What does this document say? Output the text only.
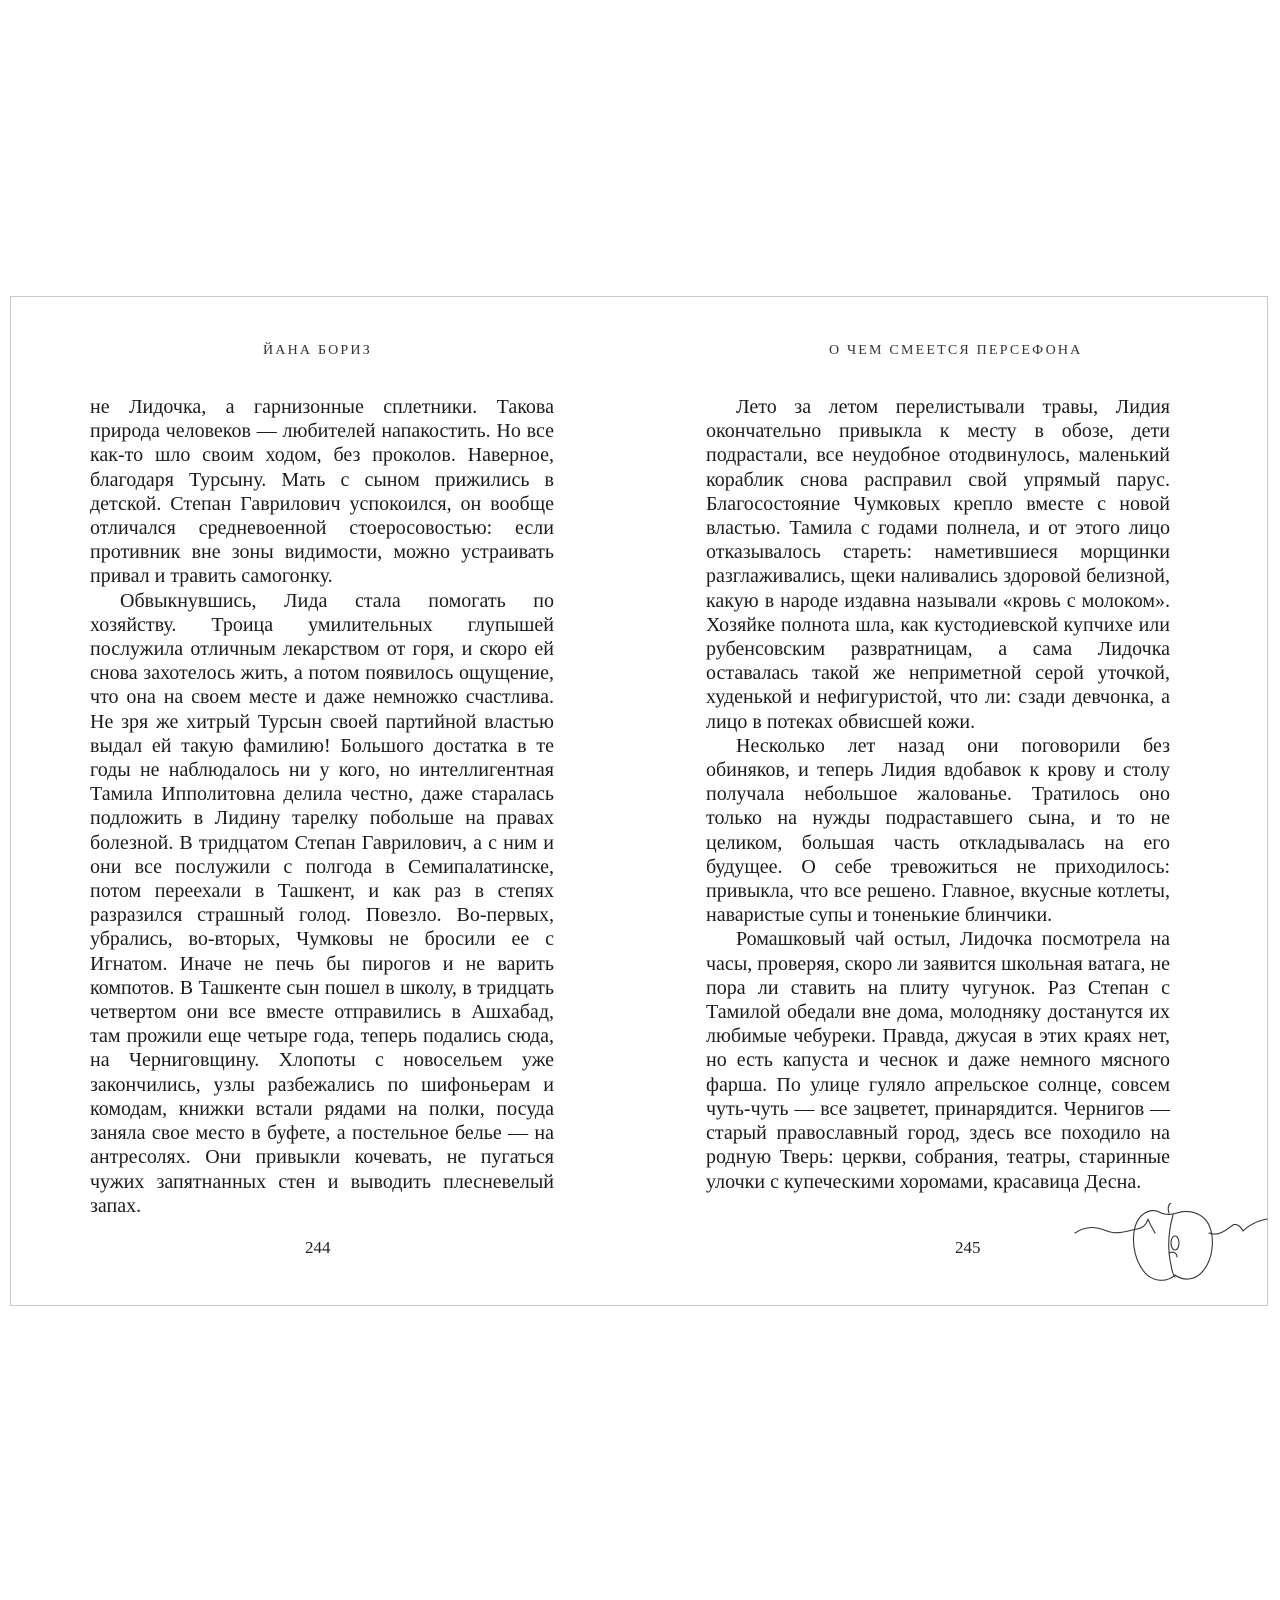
ЙАНА БОРИЗ	О ЧЕМ СМЕЕТСЯ ПЕРСЕФОНА

не Лидочка, а гарнизонные сплетники. Такова природа человеков — любителей напакостить. Но все как-то шло своим ходом, без проколов. Наверное, благодаря Турсыну. Мать с сыном прижились в детской. Степан Гаврилович успокоился, он вообще отличался средневоенной стоеросовостью: если противник вне зоны видимости, можно устраивать привал и травить самогонку.

Обвыкнувшись, Лида стала помогать по хозяйству. Троица умилительных глупышей послужила отличным лекарством от горя, и скоро ей снова захотелось жить, а потом появилось ощущение, что она на своем месте и даже немножко счастлива. Не зря же хитрый Турсын своей партийной властью выдал ей такую фамилию! Большого достатка в те годы не наблюдалось ни у кого, но интеллигентная Тамила Ипполитовна делила честно, даже старалась подложить в Лидину тарелку побольше на правах болезной. В тридцатом Степан Гаврилович, а с ним и они все послужили с полгода в Семипалатинске, потом переехали в Ташкент, и как раз в степях разразился страшный голод. Повезло. Во-первых, убрались, во-вторых, Чумковы не бросили ее с Игнатом. Иначе не печь бы пирогов и не варить компотов. В Ташкенте сын пошел в школу, в тридцать четвертом они все вместе отправились в Ашхабад, там прожили еще четыре года, теперь подались сюда, на Черниговщину. Хлопоты с новосельем уже закончились, узлы разбежались по шифоньерам и комодам, книжки встали рядами на полки, посуда заняла свое место в буфете, а постельное белье — на антресолях. Они привыкли кочевать, не пугаться чужих запятнанных стен и выводить плесневелый запах.

Лето за летом перелистывали травы, Лидия окончательно привыкла к месту в обозе, дети подрастали, все неудобное отодвинулось, маленький кораблик снова расправил свой упрямый парус. Благосостояние Чумковых крепло вместе с новой властью. Тамила с годами полнела, и от этого лицо отказывалось стареть: наметившиеся морщинки разглаживались, щеки наливались здоровой белизной, какую в народе издавна называли «кровь с молоком». Хозяйке полнота шла, как кустодиевской купчихе или рубенсовским развратницам, а сама Лидочка оставалась такой же неприметной серой уточкой, худенькой и нефигуристой, что ли: сзади девчонка, а лицо в потеках обвисшей кожи.

Несколько лет назад они поговорили без обиняков, и теперь Лидия вдобавок к крову и столу получала небольшое жалованье. Тратилось оно только на нужды подраставшего сына, и то не целиком, большая часть откладывалась на его будущее. О себе тревожиться не приходилось: привыкла, что все решено. Главное, вкусные котлеты, наваристые супы и тоненькие блинчики.

Ромашковый чай остыл, Лидочка посмотрела на часы, проверяя, скоро ли заявится школьная ватага, не пора ли ставить на плиту чугунок. Раз Степан с Тамилой обедали вне дома, молодняку достанутся их любимые чебуреки. Правда, джусая в этих краях нет, но есть капуста и чеснок и даже немного мясного фарша. По улице гуляло апрельское солнце, совсем чуть-чуть — все зацветет, принарядится. Чернигов — старый православный город, здесь все походило на родную Тверь: церкви, собрания, театры, старинные улочки с купеческими хоромами, красавица Десна.

244	245
